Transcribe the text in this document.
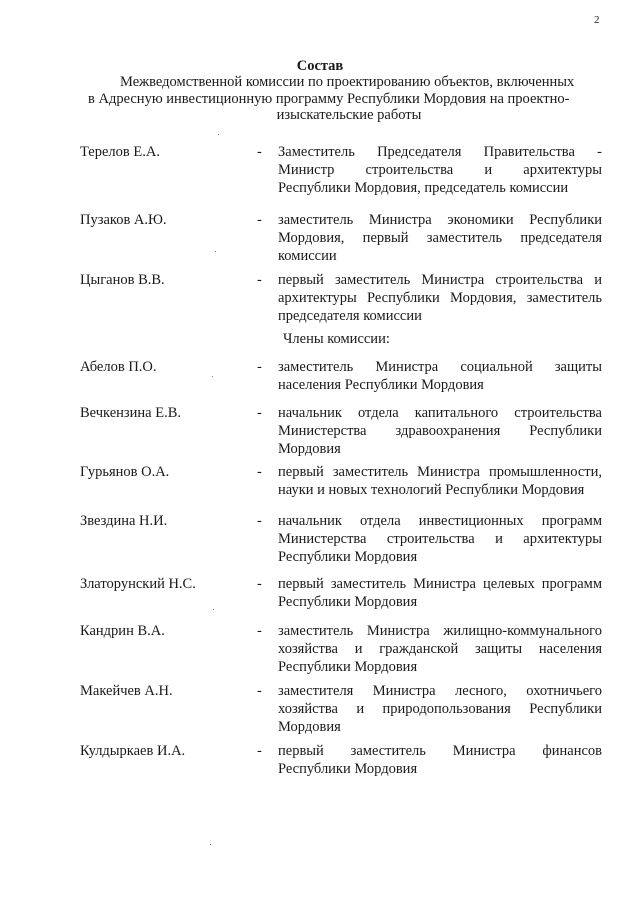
2
Состав
Межведомственной комиссии по проектированию объектов, включенных
в Адресную инвестиционную программу Республики Мордовия на проектно-
изыскательские работы
Терелов Е.А.	- Заместитель Председателя Правительства -
Министр строительства и архитектуры
Республики Мордовия, председатель комиссии
Пузаков А.Ю.	- заместитель Министра экономики Республики
Мордовия, первый заместитель председателя
комиссии
Цыганов В.В.	- первый заместитель Министра строительства и
архитектуры Республики Мордовия, заместитель
председателя комиссии
Члены комиссии:
Абелов П.О.	- заместитель Министра социальной защиты
населения Республики Мордовия
Вечкензина Е.В.	- начальник отдела капитального строительства
Министерства здравоохранения Республики
Мордовия
Гурьянов О.А.	- первый заместитель Министра промышленности,
науки и новых технологий Республики Мордовия
Звездина Н.И.	- начальник отдела инвестиционных программ
Министерства строительства и архитектуры
Республики Мордовия
Златорунский Н.С.	- первый заместитель Министра целевых программ
Республики Мордовия
Кандрин В.А.	- заместитель Министра жилищно-коммунального
хозяйства и гражданской защиты населения
Республики Мордовия
Макейчев А.Н.	- заместителя Министра лесного, охотничьего
хозяйства и природопользования Республики
Мордовия
Кулдыркаев И.А.	- первый заместитель Министра финансов
Республики Мордовия
